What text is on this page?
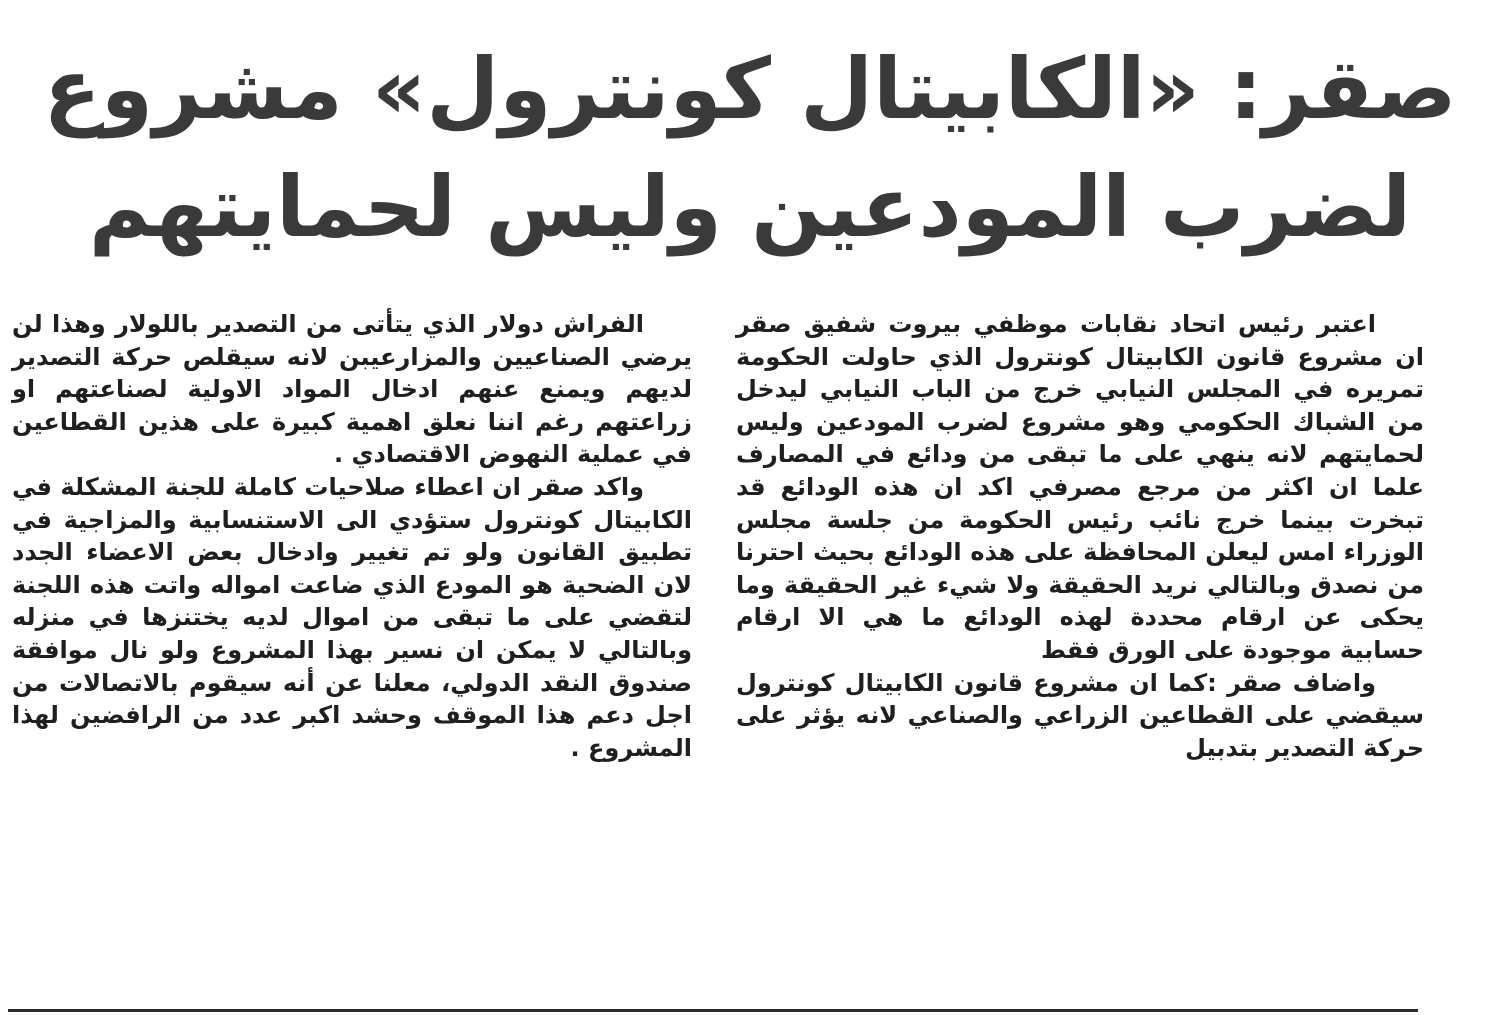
صقر: «الكابيتال كونترول» مشروع
لضرب المودعين وليس لحمايتهم

اعتبر رئيس اتحاد نقابات موظفي بيروت شفيق صقر ان مشروع قانون الكابيتال كونترول الذي حاولت الحكومة تمريره في المجلس النيابي خرج من الباب النيابي ليدخل من الشباك الحكومي وهو مشروع لضرب المودعين وليس لحمايتهم لانه ينهي على ما تبقى من ودائع في المصارف علما ان اكثر من مرجع مصرفي اكد ان هذه الودائع قد تبخرت بينما خرج نائب رئيس الحكومة من جلسة مجلس الوزراء امس ليعلن المحافظة على هذه الودائع بحيث احترنا من نصدق وبالتالي نريد الحقيقة ولا شيء غير الحقيقة وما يحكى عن ارقام محددة لهذه الودائع ما هي الا ارقام حسابية موجودة على الورق فقط

واضاف صقر :كما ان مشروع قانون الكابيتال كونترول سيقضي على القطاعين الزراعي والصناعي لانه يؤثر على حركة التصدير بتدبيل

الفراش دولار الذي يتأتى من التصدير باللولار وهذا لن يرضي الصناعيين والمزارعيبن لانه سيقلص حركة التصدير لديهم ويمنع عنهم ادخال المواد الاولية لصناعتهم او زراعتهم رغم اننا نعلق اهمية كبيرة على هذين القطاعين في عملية النهوض الاقتصادي .

واكد صقر ان اعطاء صلاحيات كاملة للجنة المشكلة في الكابيتال كونترول ستؤدي الى الاستنسابية والمزاجية في تطبيق القانون ولو تم تغيير وادخال بعض الاعضاء الجدد لان الضحية هو المودع الذي ضاعت امواله واتت هذه اللجنة لتقضي على ما تبقى من اموال لديه يختنزها في منزله وبالتالي لا يمكن ان نسير بهذا المشروع ولو نال موافقة صندوق النقد الدولي، معلنا عن أنه سيقوم بالاتصالات من اجل دعم هذا الموقف وحشد اكبر عدد من الرافضين لهذا المشروع .
